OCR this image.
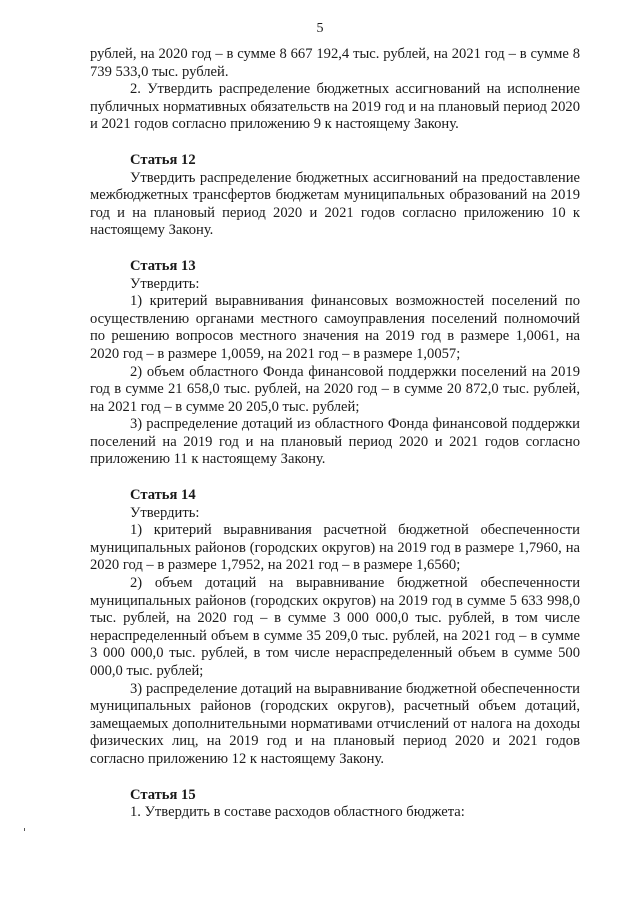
5

рублей, на 2020 год – в сумме 8 667 192,4 тыс. рублей, на 2021 год – в сумме 8 739 533,0 тыс. рублей.

2. Утвердить распределение бюджетных ассигнований на исполнение публичных нормативных обязательств на 2019 год и на плановый период 2020 и 2021 годов согласно приложению 9 к настоящему Закону.

Статья 12

Утвердить распределение бюджетных ассигнований на предоставление межбюджетных трансфертов бюджетам муниципальных образований на 2019 год и на плановый период 2020 и 2021 годов согласно приложению 10 к настоящему Закону.

Статья 13

Утвердить:

1) критерий выравнивания финансовых возможностей поселений по осуществлению органами местного самоуправления поселений полномочий по решению вопросов местного значения на 2019 год в размере 1,0061, на 2020 год – в размере 1,0059, на 2021 год – в размере 1,0057;

2) объем областного Фонда финансовой поддержки поселений на 2019 год в сумме 21 658,0 тыс. рублей, на 2020 год – в сумме 20 872,0 тыс. рублей, на 2021 год – в сумме 20 205,0 тыс. рублей;

3) распределение дотаций из областного Фонда финансовой поддержки поселений на 2019 год и на плановый период 2020 и 2021 годов согласно приложению 11 к настоящему Закону.

Статья 14

Утвердить:

1) критерий выравнивания расчетной бюджетной обеспеченности муниципальных районов (городских округов) на 2019 год в размере 1,7960, на 2020 год – в размере 1,7952, на 2021 год – в размере 1,6560;

2) объем дотаций на выравнивание бюджетной обеспеченности муниципальных районов (городских округов) на 2019 год в сумме 5 633 998,0 тыс. рублей, на 2020 год – в сумме 3 000 000,0 тыс. рублей, в том числе нераспределенный объем в сумме 35 209,0 тыс. рублей, на 2021 год – в сумме 3 000 000,0 тыс. рублей, в том числе нераспределенный объем в сумме 500 000,0 тыс. рублей;

3) распределение дотаций на выравнивание бюджетной обеспеченности муниципальных районов (городских округов), расчетный объем дотаций, замещаемых дополнительными нормативами отчислений от налога на доходы физических лиц, на 2019 год и на плановый период 2020 и 2021 годов согласно приложению 12 к настоящему Закону.

Статья 15

1. Утвердить в составе расходов областного бюджета:
